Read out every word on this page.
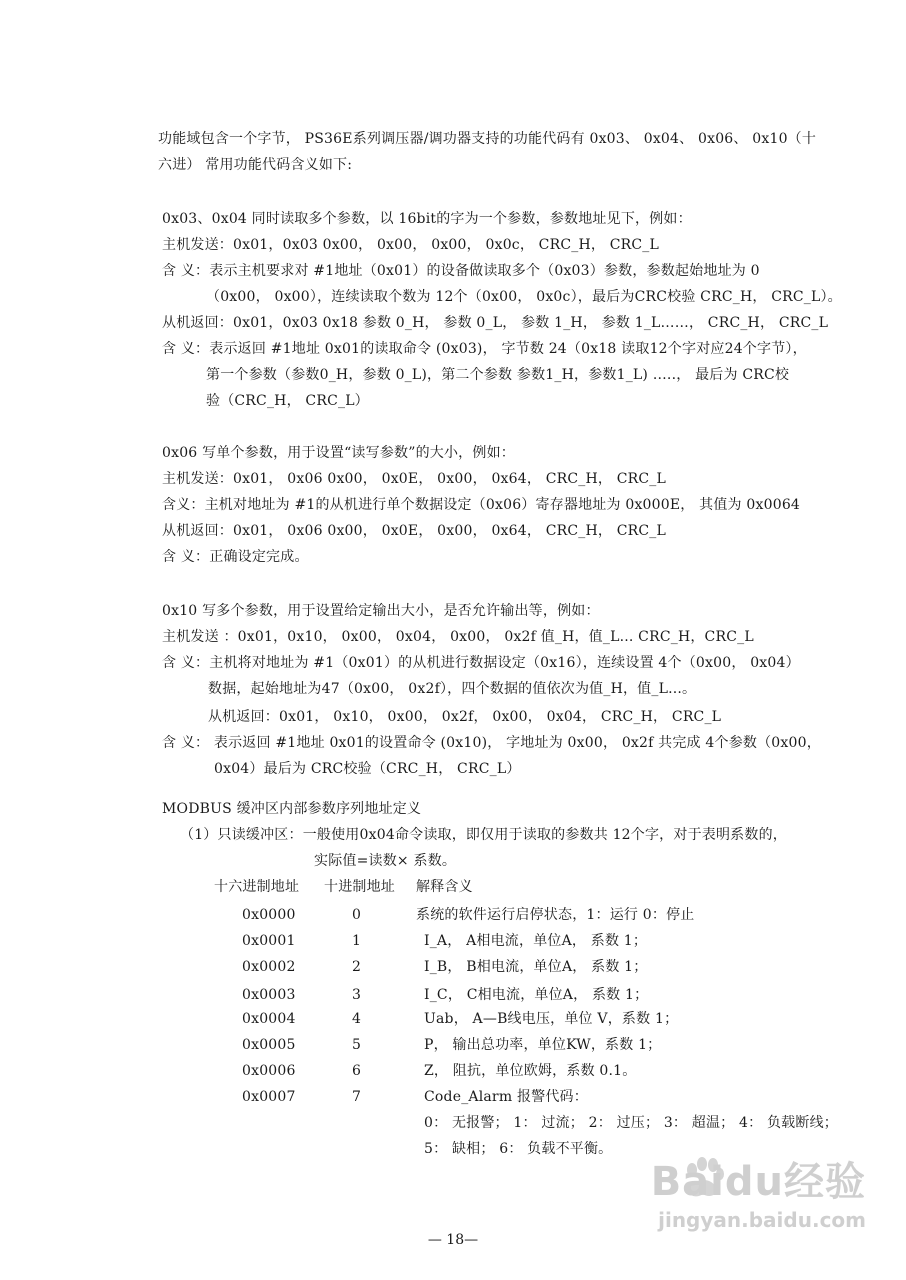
功能域包含一个字节， PS36E系列调压器/调功器支持的功能代码有 0x03、 0x04、 0x06、 0x10（十
六进） 常用功能代码含义如下:
0x03、0x04 同时读取多个参数，以 16bit的字为一个参数，参数地址见下，例如：
主机发送：0x01，0x03 0x00， 0x00， 0x00， 0x0c， CRC_H， CRC_L
含 义：表示主机要求对 #1地址（0x01）的设备做读取多个（0x03）参数，参数起始地址为 0
（0x00， 0x00），连续读取个数为 12个（0x00， 0x0c），最后为CRC校验 CRC_H， CRC_L）。
从机返回：0x01，0x03 0x18 参数 0_H， 参数 0_L， 参数 1_H， 参数 1_L……， CRC_H， CRC_L
含 义：表示返回 #1地址 0x01的读取命令 (0x03)， 字节数 24（0x18 读取12个字对应24个字节），
第一个参数（参数0_H，参数 0_L)，第二个参数 参数1_H，参数1_L) …..， 最后为 CRC校
验（CRC_H， CRC_L）
0x06 写单个参数，用于设置“读写参数”的大小，例如：
主机发送：0x01， 0x06 0x00， 0x0E， 0x00， 0x64， CRC_H， CRC_L
含义：主机对地址为 #1的从机进行单个数据设定（0x06）寄存器地址为 0x000E， 其值为 0x0064
从机返回：0x01， 0x06 0x00， 0x0E， 0x00， 0x64， CRC_H， CRC_L
含 义：正确设定完成。
0x10 写多个参数，用于设置给定输出大小，是否允许输出等，例如：
主机发送 ：0x01，0x10， 0x00， 0x04， 0x00， 0x2f 值_H，值_L... CRC_H，CRC_L
含 义：主机将对地址为 #1（0x01）的从机进行数据设定（0x16），连续设置 4个（0x00， 0x04）
数据，起始地址为47（0x00， 0x2f），四个数据的值依次为值_H，值_L...。
从机返回：0x01， 0x10， 0x00， 0x2f， 0x00， 0x04， CRC_H， CRC_L
含 义： 表示返回 #1地址 0x01的设置命令 (0x10)， 字地址为 0x00， 0x2f 共完成 4个参数（0x00，
0x04）最后为 CRC校验（CRC_H， CRC_L）
MODBUS 缓冲区内部参数序列地址定义
（1）只读缓冲区：一般使用0x04命令读取，即仅用于读取的参数共 12个字，对于表明系数的，
实际值=读数× 系数。
十六进制地址 十进制地址 解释含义
0x0000	0	系统的软件运行启停状态，1：运行 0：停止
0x0001	1	I_A， A相电流，单位A， 系数 1；
0x0002	2	I_B， B相电流，单位A， 系数 1；
0x0003	3	I_C， C相电流，单位A， 系数 1；
0x0004	4	Uab， A—B线电压，单位 V，系数 1；
0x0005	5	P， 输出总功率，单位KW，系数 1；
0x0006	6	Z， 阻抗，单位欧姆，系数 0.1。
0x0007	7	Code_Alarm 报警代码：
0： 无报警； 1： 过流； 2： 过压； 3： 超温； 4： 负载断线；
5： 缺相； 6： 负载不平衡。
Baidu经验
jingyan.baidu.com
— 18—
